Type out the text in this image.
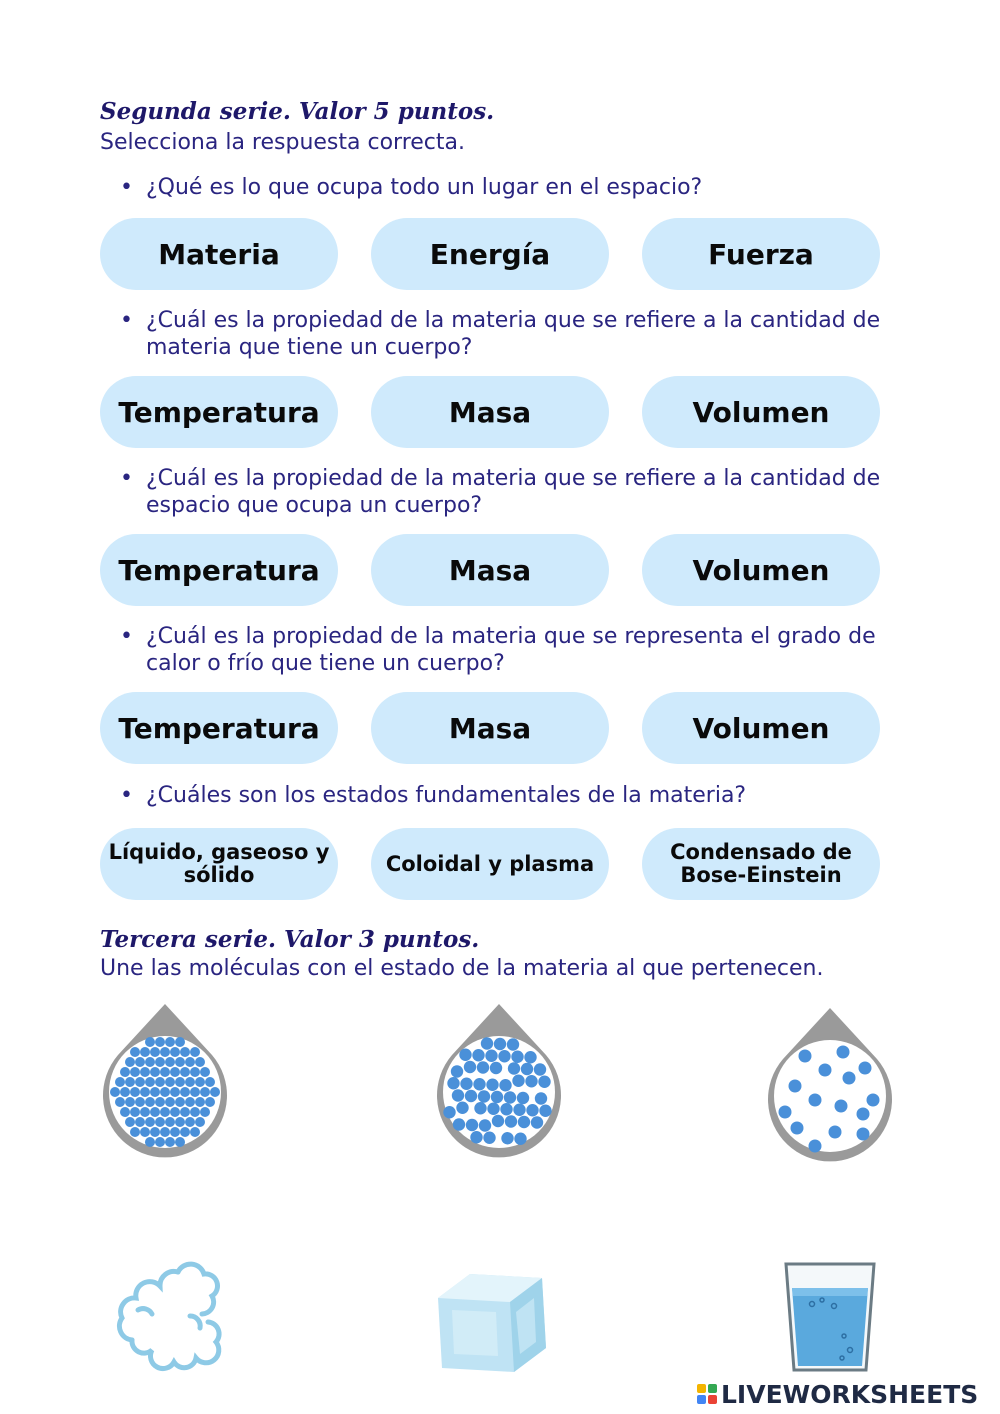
Segunda serie. Valor 5 puntos.
Selecciona la respuesta correcta.
• ¿Qué es lo que ocupa todo un lugar en el espacio?
Materia	Energía	Fuerza
• ¿Cuál es la propiedad de la materia que se refiere a la cantidad de materia que tiene un cuerpo?
Temperatura	Masa	Volumen
• ¿Cuál es la propiedad de la materia que se refiere a la cantidad de espacio que ocupa un cuerpo?
Temperatura	Masa	Volumen
• ¿Cuál es la propiedad de la materia que se representa el grado de calor o frío que tiene un cuerpo?
Temperatura	Masa	Volumen
• ¿Cuáles son los estados fundamentales de la materia?
Líquido, gaseoso y sólido	Coloidal y plasma	Condensado de Bose-Einstein
Tercera serie. Valor 3 puntos.
Une las moléculas con el estado de la materia al que pertenecen.
LIVEWORKSHEETS
